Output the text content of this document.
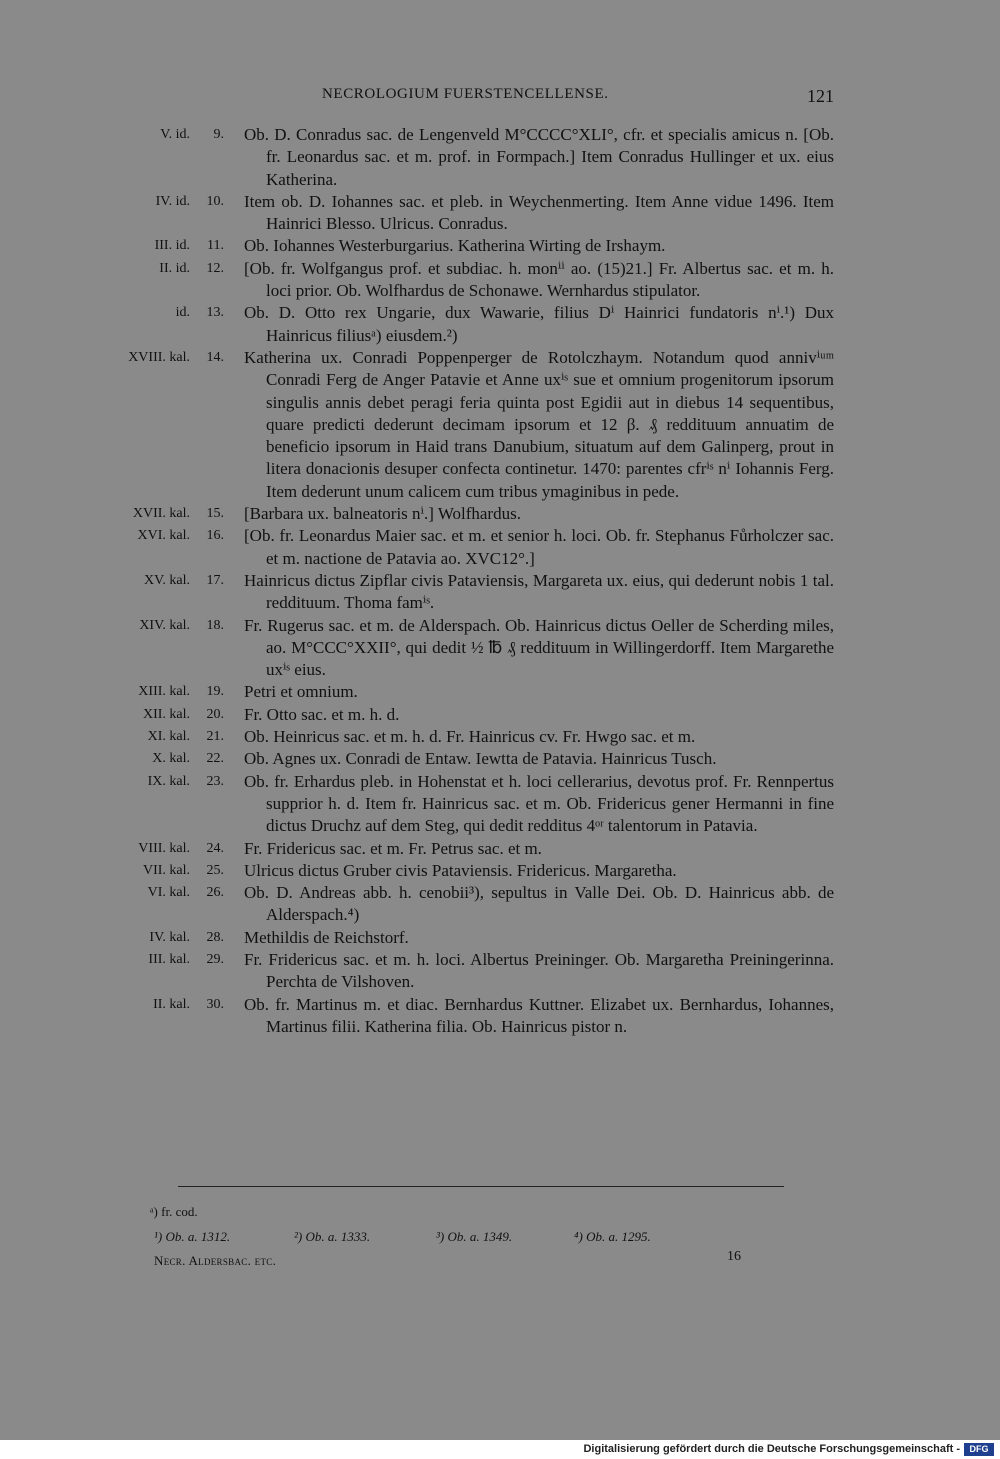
NECROLOGIUM FUERSTENCELLENSE.	121
V. id.	9. Ob. D. Conradus sac. de Lengenveld M°CCCC°XLI°, cfr. et specialis amicus n. [Ob. fr. Leonardus sac. et m. prof. in Formpach.] Item Conradus Hullinger et ux. eius Katherina.
IV. id.	10. Item ob. D. Iohannes sac. et pleb. in Weychenmerting. Item Anne vidue 1496. Item Hainrici Blesso. Ulricus. Conradus.
III. id.	11. Ob. Iohannes Westerburgarius. Katherina Wirting de Irshaym.
II. id.	12. [Ob. fr. Wolfgangus prof. et subdiac. h. monⁱⁱ ao. (15)21.] Fr. Albertus sac. et m. h. loci prior. Ob. Wolfhardus de Schonawe. Wernhardus stipulator.
id.	13. Ob. D. Otto rex Ungarie, dux Wawarie, filius Dⁱ Hainrici fundatoris nⁱ.¹) Dux Hainricus filiusᵃ) eiusdem.²)
XVIII. kal.	14. Katherina ux. Conradi Poppenperger de Rotolczhaym. Notandum quod annivⁱᵘᵐ Conradi Ferg de Anger Patavie et Anne uxⁱˢ sue et omnium progenitorum ipsorum singulis annis debet peragi feria quinta post Egidii aut in diebus 14 sequentibus, quare predicti dederunt decimam ipsorum et 12 β. ₰ reddituum annuatim de beneficio ipsorum in Haid trans Danubium, situatum auf dem Galinperg, prout in litera donacionis desuper confecta continetur. 1470: parentes cfrⁱˢ nⁱ Iohannis Ferg. Item dederunt unum calicem cum tribus ymaginibus in pede.
XVII. kal.	15. [Barbara ux. balneatoris nⁱ.] Wolfhardus.
XVI. kal.	16. [Ob. fr. Leonardus Maier sac. et m. et senior h. loci. Ob. fr. Stephanus Fůrholczer sac. et m. nactione de Patavia ao. XVC12°.]
XV. kal.	17. Hainricus dictus Zipflar civis Pataviensis, Margareta ux. eius, qui dederunt nobis 1 tal. reddituum. Thoma famⁱˢ.
XIV. kal.	18. Fr. Rugerus sac. et m. de Alderspach. Ob. Hainricus dictus Oeller de Scherding miles, ao. M°CCC°XXII°, qui dedit ½ ℔ ₰ reddituum in Willingerdorff. Item Margarethe uxⁱˢ eius.
XIII. kal.	19. Petri et omnium.
XII. kal.	20. Fr. Otto sac. et m. h. d.
XI. kal.	21. Ob. Heinricus sac. et m. h. d. Fr. Hainricus cv. Fr. Hwgo sac. et m.
X. kal.	22. Ob. Agnes ux. Conradi de Entaw. Iewtta de Patavia. Hainricus Tusch.
IX. kal.	23. Ob. fr. Erhardus pleb. in Hohenstat et h. loci cellerarius, devotus prof. Fr. Rennpertus supprior h. d. Item fr. Hainricus sac. et m. Ob. Fridericus gener Hermanni in fine dictus Druchz auf dem Steg, qui dedit redditus 4ᵒʳ talentorum in Patavia.
VIII. kal.	24. Fr. Fridericus sac. et m. Fr. Petrus sac. et m.
VII. kal.	25. Ulricus dictus Gruber civis Pataviensis. Fridericus. Margaretha.
VI. kal.	26. Ob. D. Andreas abb. h. cenobii³), sepultus in Valle Dei. Ob. D. Hainricus abb. de Alderspach.⁴)
IV. kal.	28. Methildis de Reichstorf.
III. kal.	29. Fr. Fridericus sac. et m. h. loci. Albertus Preininger. Ob. Margaretha Preiningerinna. Perchta de Vilshoven.
II. kal.	30. Ob. fr. Martinus m. et diac. Bernhardus Kuttner. Elizabet ux. Bernhardus, Iohannes, Martinus filii. Katherina filia. Ob. Hainricus pistor n.
ᵃ) fr. cod.
¹) Ob. a. 1312.	²) Ob. a. 1333.	³) Ob. a. 1349.	⁴) Ob. a. 1295.
Necr. Aldersbac. etc.	16
Digitalisierung gefördert durch die Deutsche Forschungsgemeinschaft -	DFG
